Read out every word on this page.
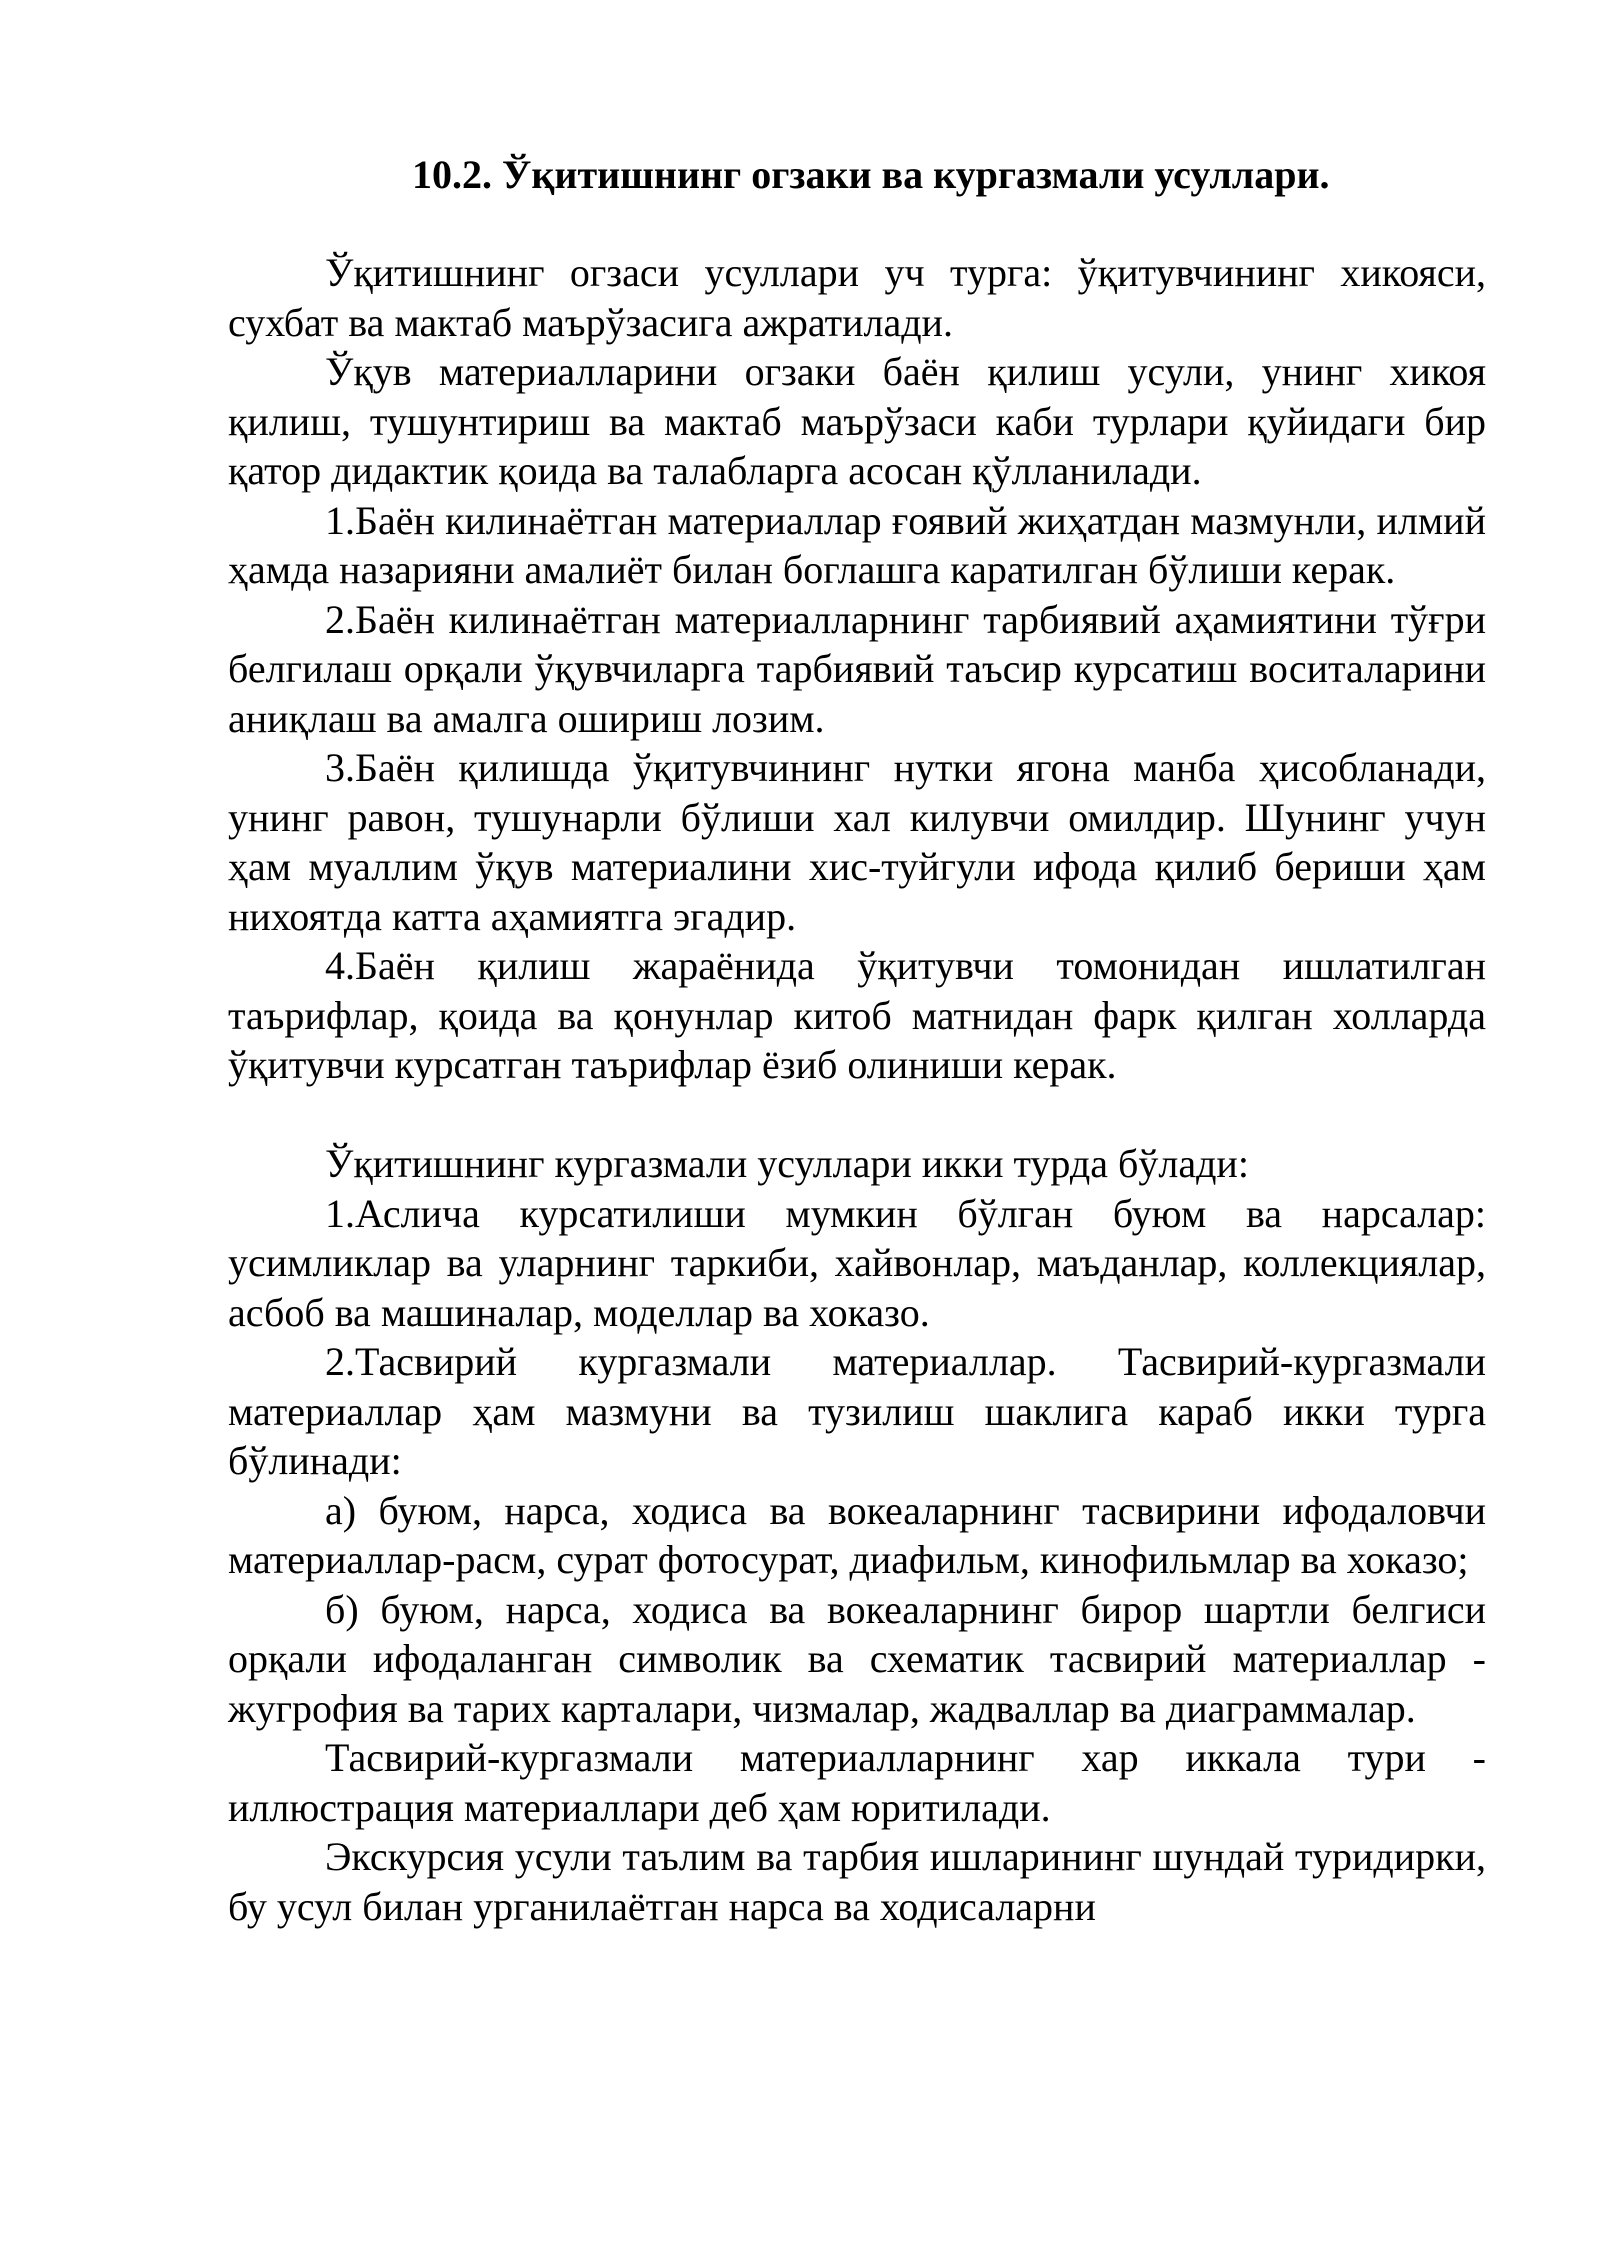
10.2. Ўқитишнинг огзаки ва кургазмали усуллари.

Ўқитишнинг огзаси усуллари уч турга: ўқитувчининг хикояси, сухбат ва мактаб маърўзасига ажратилади.

Ўқув материалларини огзаки баён қилиш усули, унинг хикоя қилиш, тушунтириш ва мактаб маърўзаси каби турлари қуйидаги бир қатор дидактик қоида ва талабларга асосан қўлланилади.

1.Баён килинаётган материаллар ғоявий жиҳатдан мазмунли, илмий ҳамда назарияни амалиёт билан боглашга каратилган бўлиши керак.

2.Баён килинаётган материалларнинг тарбиявий аҳамиятини тўғри белгилаш орқали ўқувчиларга тарбиявий таъсир курсатиш воситаларини аниқлаш ва амалга ошириш лозим.

3.Баён қилишда ўқитувчининг нутки ягона манба ҳисобланади, унинг равон, тушунарли бўлиши хал килувчи омилдир. Шунинг учун ҳам муаллим ўқув материалини хис-туйгули ифода қилиб бериши ҳам нихоятда катта аҳамиятга эгадир.

4.Баён қилиш жараёнида ўқитувчи томонидан ишлатилган таърифлар, қоида ва қонунлар китоб матнидан фарк қилган холларда ўқитувчи курсатган таърифлар ёзиб олиниши керак.

Ўқитишнинг кургазмали усуллари икки турда бўлади:

1.Аслича курсатилиши мумкин бўлган буюм ва нарсалар: усимликлар ва уларнинг таркиби, хайвонлар, маъданлар, коллекциялар, асбоб ва машиналар, моделлар ва хоказо.

2.Тасвирий кургазмали материаллар. Тасвирий-кургазмали материаллар ҳам мазмуни ва тузилиш шаклига караб икки турга бўлинади:

а) буюм, нарса, ходиса ва вокеаларнинг тасвирини ифодаловчи материаллар-расм, сурат фотосурат, диафильм, кинофильмлар ва хоказо;

б) буюм, нарса, ходиса ва вокеаларнинг бирор шартли белгиси орқали ифодаланган символик ва схематик тасвирий материаллар - жугрофия ва тарих карталари, чизмалар, жадваллар ва диаграммалар.

Тасвирий-кургазмали материалларнинг хар иккала тури - иллюстрация материаллари деб ҳам юритилади.

Экскурсия усули таълим ва тарбия ишларининг шундай туридирки, бу усул билан урганилаётган нарса ва ходисаларни
